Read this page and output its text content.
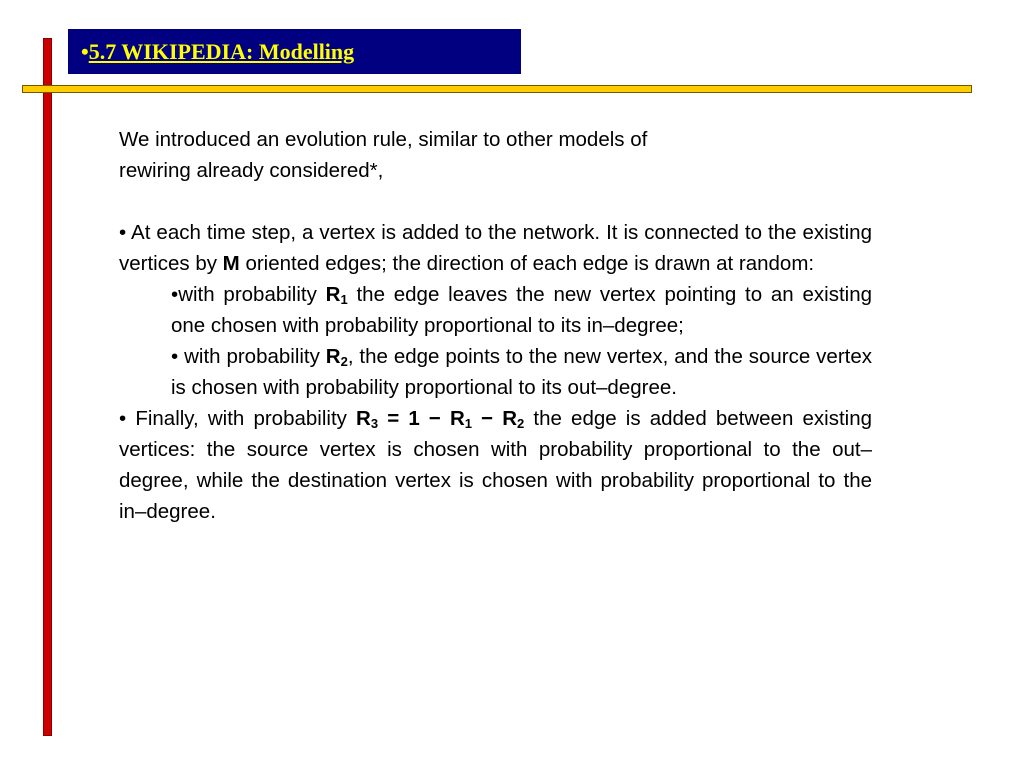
•5.7 WIKIPEDIA: Modelling

We introduced an evolution rule, similar to other models of

rewiring already considered*,

• At each time step, a vertex is added to the network. It is connected to the existing vertices by M oriented edges; the direction of each edge is drawn at random:

•with probability $R_1$ the edge leaves the new vertex pointing to an existing one chosen with probability proportional to its in–degree;

• with probability $R_2$, the edge points to the new vertex, and the source vertex is chosen with probability proportional to its out–degree.

• Finally, with probability $R_3 = 1 - R_1 - R_2$ the edge is added between existing vertices: the source vertex is chosen with probability proportional to the out–degree, while the destination vertex is chosen with probability proportional to the in–degree.
